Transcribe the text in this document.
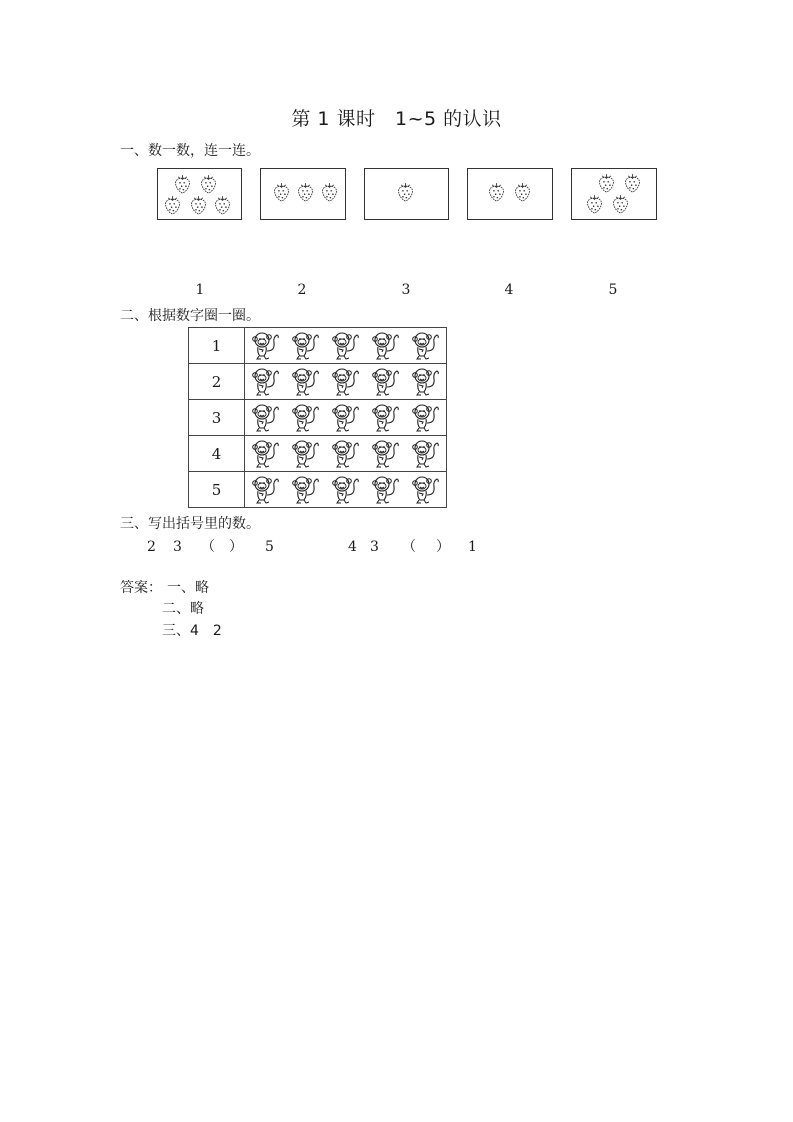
第 1 课时　1~5 的认识
一、数一数，连一连。
1	2	3	4	5
二、根据数字圈一圈。
1	
2	
3	
4	
5	
三、写出括号里的数。
2 3 （ ） 5	4 3 （ ） 1
答案： 一、略
二、略
三、4　2
